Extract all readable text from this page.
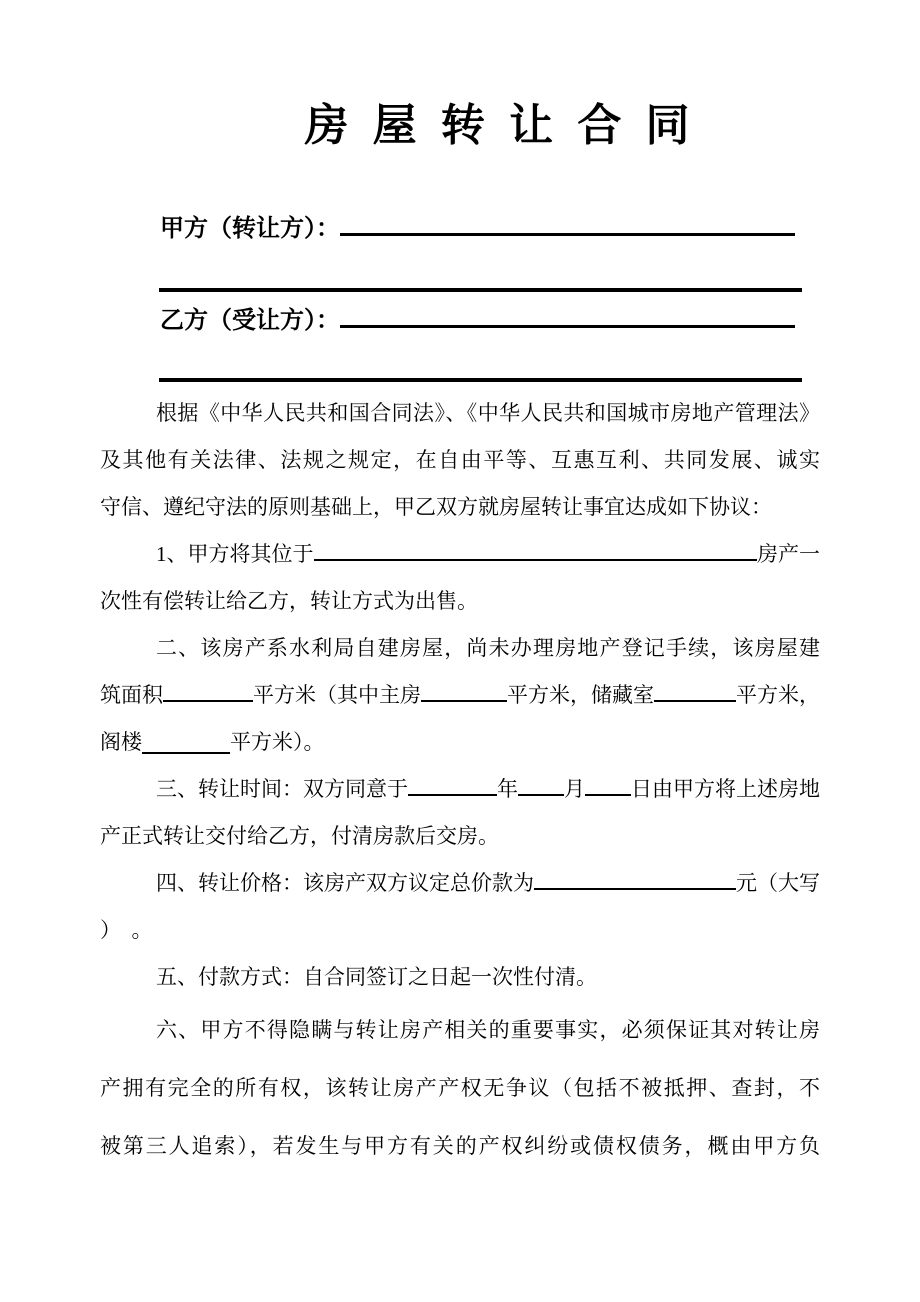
房 屋 转 让 合 同
甲方（转让方）：
乙方（受让方）：
根据《中华人民共和国合同法》、《中华人民共和国城市房地产管理法》
及其他有关法律、法规之规定，在自由平等、互惠互利、共同发展、诚实
守信、遵纪守法的原则基础上，甲乙双方就房屋转让事宜达成如下协议：
1、甲方将其位于	房产一
次性有偿转让给乙方，转让方式为出售。
二、该房产系水利局自建房屋，尚未办理房地产登记手续，该房屋建
筑面积	平方米（其中主房	平方米，储藏室	平方米，
阁楼	平方米）。
三、转让时间：双方同意于	年 月 日由甲方将上述房地
产正式转让交付给乙方，付清房款后交房。
四、转让价格：该房产双方议定总价款为	元（大写
）　。
五、付款方式：自合同签订之日起一次性付清。
六、甲方不得隐瞒与转让房产相关的重要事实，必须保证其对转让房
产拥有完全的所有权，该转让房产产权无争议（包括不被抵押、查封，不
被第三人追索），若发生与甲方有关的产权纠纷或债权债务，概由甲方负
